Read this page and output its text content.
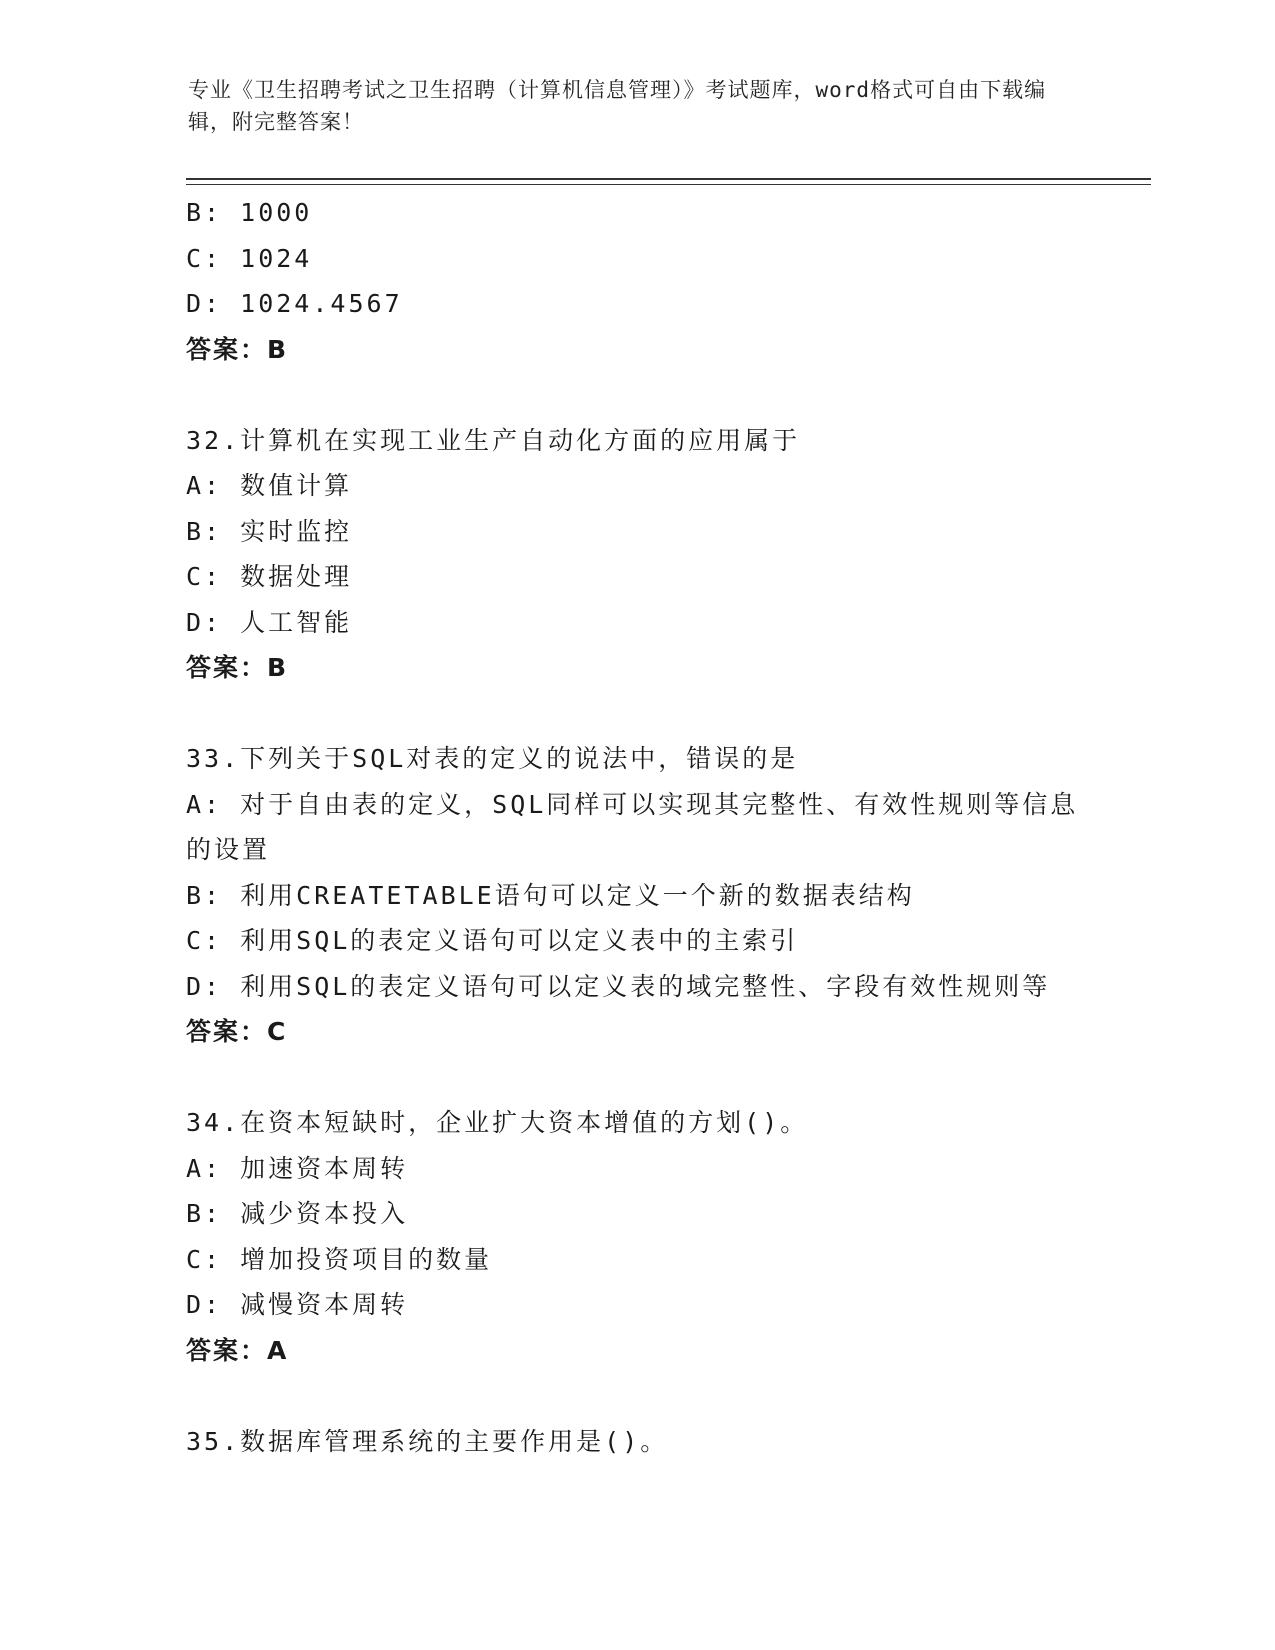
专业《卫生招聘考试之卫生招聘（计算机信息管理）》考试题库，word格式可自由下载编辑，附完整答案！
B: 1000
C: 1024
D: 1024.4567
答案：B
32.计算机在实现工业生产自动化方面的应用属于
A: 数值计算
B: 实时监控
C: 数据处理
D: 人工智能
答案：B
33.下列关于SQL对表的定义的说法中，错误的是
A: 对于自由表的定义，SQL同样可以实现其完整性、有效性规则等信息的设置
B: 利用CREATETABLE语句可以定义一个新的数据表结构
C: 利用SQL的表定义语句可以定义表中的主索引
D: 利用SQL的表定义语句可以定义表的域完整性、字段有效性规则等
答案：C
34.在资本短缺时，企业扩大资本增值的方划()。
A: 加速资本周转
B: 减少资本投入
C: 增加投资项目的数量
D: 减慢资本周转
答案：A
35.数据库管理系统的主要作用是()。
